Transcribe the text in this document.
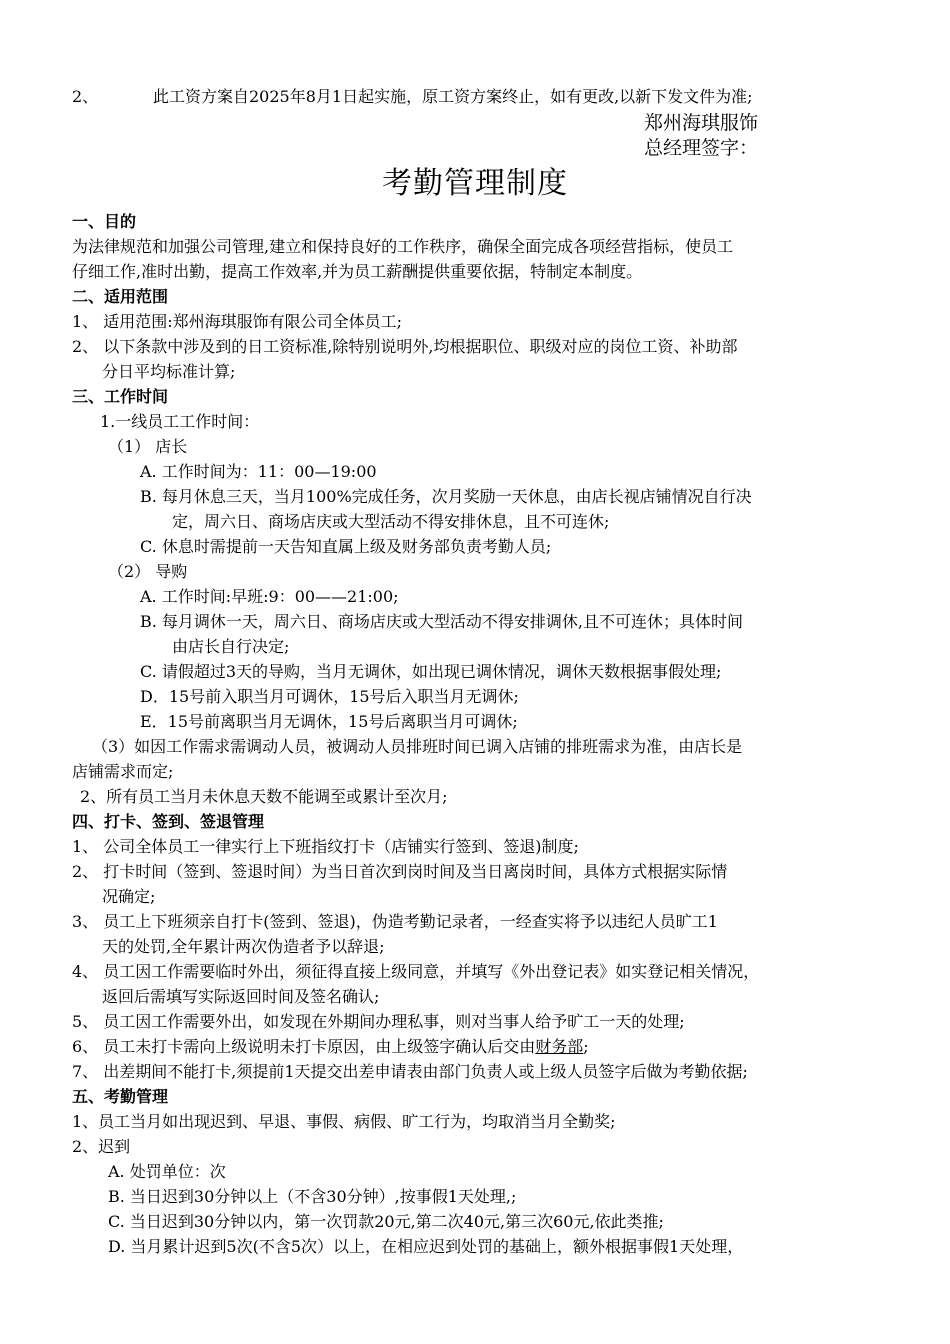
2、	此工资方案自2025年8月1日起实施，原工资方案终止，如有更改,以新下发文件为准;
郑州海琪服饰
总经理签字：
考勤管理制度
一、目的
为法律规范和加强公司管理,建立和保持良好的工作秩序，确保全面完成各项经营指标，使员工
仔细工作,准时出勤，提高工作效率,并为员工薪酬提供重要依据，特制定本制度。
二、适用范围
1、 适用范围:郑州海琪服饰有限公司全体员工;
2、 以下条款中涉及到的日工资标准,除特别说明外,均根据职位、职级对应的岗位工资、补助部
分日平均标准计算;
三、工作时间
1.一线员工工作时间：
（1） 店长
A. 工作时间为：11：00—19:00
B. 每月休息三天，当月100%完成任务，次月奖励一天休息，由店长视店铺情况自行决
定，周六日、商场店庆或大型活动不得安排休息，且不可连休;
C. 休息时需提前一天告知直属上级及财务部负责考勤人员;
（2） 导购
A. 工作时间:早班:9：00——21:00;
B. 每月调休一天，周六日、商场店庆或大型活动不得安排调休,且不可连休；具体时间
由店长自行决定;
C. 请假超过3天的导购，当月无调休，如出现已调休情况，调休天数根据事假处理;
D．15号前入职当月可调休，15号后入职当月无调休;
E．15号前离职当月无调休，15号后离职当月可调休;
（3）如因工作需求需调动人员，被调动人员排班时间已调入店铺的排班需求为准，由店长是
店铺需求而定;
2、所有员工当月未休息天数不能调至或累计至次月;
四、打卡、签到、签退管理
1、 公司全体员工一律实行上下班指纹打卡（店铺实行签到、签退)制度;
2、 打卡时间（签到、签退时间）为当日首次到岗时间及当日离岗时间，具体方式根据实际情
况确定;
3、 员工上下班须亲自打卡(签到、签退)，伪造考勤记录者，一经查实将予以违纪人员旷工1
天的处罚,全年累计两次伪造者予以辞退;
4、 员工因工作需要临时外出，须征得直接上级同意，并填写《外出登记表》如实登记相关情况，
返回后需填写实际返回时间及签名确认;
5、 员工因工作需要外出，如发现在外期间办理私事，则对当事人给予旷工一天的处理;
6、 员工未打卡需向上级说明未打卡原因，由上级签字确认后交由财务部;
7、 出差期间不能打卡,须提前1天提交出差申请表由部门负责人或上级人员签字后做为考勤依据;
五、考勤管理
1、员工当月如出现迟到、早退、事假、病假、旷工行为，均取消当月全勤奖;
2、迟到
A. 处罚单位：次
B. 当日迟到30分钟以上（不含30分钟）,按事假1天处理,;
C. 当日迟到30分钟以内，第一次罚款20元,第二次40元,第三次60元,依此类推;
D. 当月累计迟到5次(不含5次）以上，在相应迟到处罚的基础上，额外根据事假1天处理，
